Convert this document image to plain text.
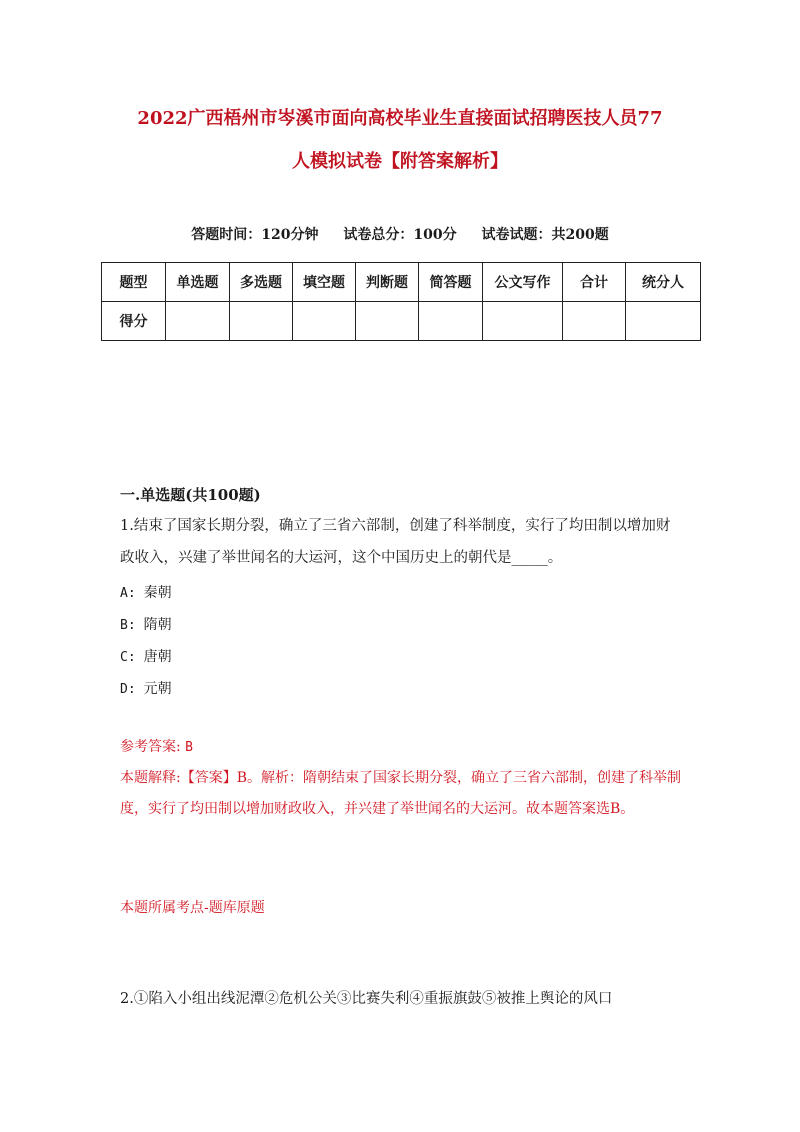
2022广西梧州市岑溪市面向高校毕业生直接面试招聘医技人员77
人模拟试卷【附答案解析】
答题时间：120分钟 试卷总分：100分 试卷试题：共200题
题型	单选题	多选题	填空题	判断题	简答题	公文写作	合计	统分人
得分								
一.单选题(共100题)
1.结束了国家长期分裂，确立了三省六部制，创建了科举制度，实行了均田制以增加财政收入，兴建了举世闻名的大运河，这个中国历史上的朝代是_____。
A: 秦朝
B: 隋朝
C: 唐朝
D: 元朝
参考答案: B
本题解释:【答案】B。解析：隋朝结束了国家长期分裂，确立了三省六部制，创建了科举制度，实行了均田制以增加财政收入，并兴建了举世闻名的大运河。故本题答案选B。
本题所属考点-题库原题
2.①陷入小组出线泥潭②危机公关③比赛失利④重振旗鼓⑤被推上舆论的风口
